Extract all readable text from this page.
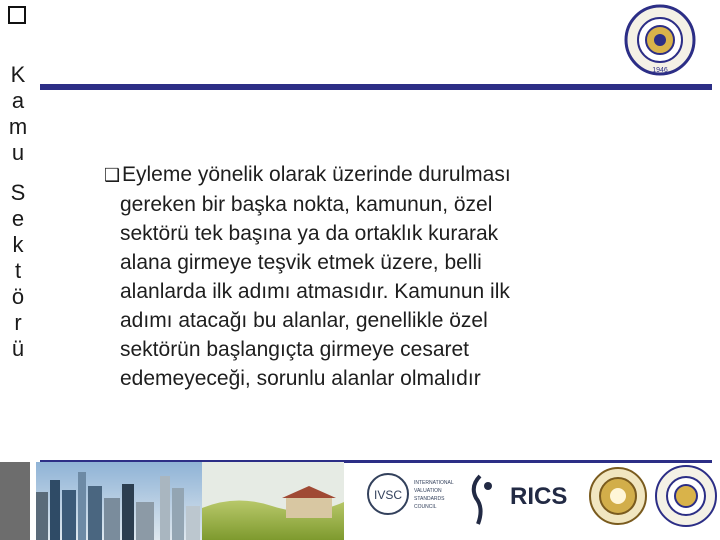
K
a
m
u
S
e
k
t
ö
r
ü
1946
❑Eyleme yönelik olarak üzerinde durulması
gereken bir başka nokta, kamunun, özel
sektörü tek başına ya da ortaklık kurarak
alana girmeye teşvik etmek üzere, belli
alanlarda ilk adımı atmasıdır. Kamunun ilk
adımı atacağı bu alanlar, genellikle özel
sektörün başlangıçta girmeye cesaret
edemeyeceği, sorunlu alanlar olmalıdır
IVSC
INTERNATIONAL
VALUATION
STANDARDS
COUNCIL	RICS
